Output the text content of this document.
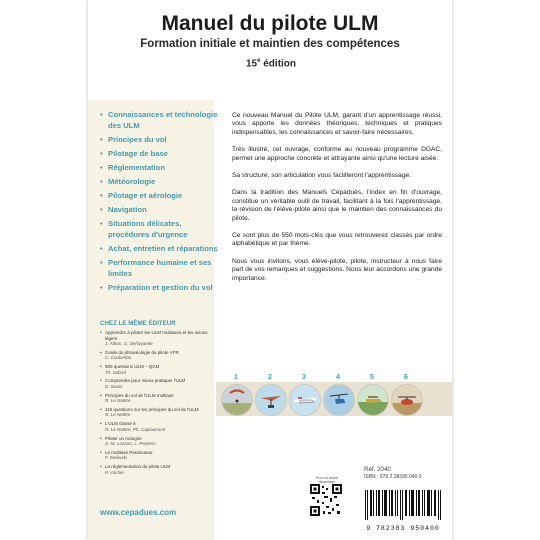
Manuel du pilote ULM
Formation initiale et maintien des compétences
15e édition
• Connaissances et technologie des ULM
• Principes du vol
• Pilotage de base
• Réglementation
• Météorologie
• Pilotage et aérologie
• Navigation
• Situations délicates, procédures d'urgence
• Achat, entretien et réparations
• Performance humaine et ses limites
• Préparation et gestion du vol
CHEZ LE MÊME ÉDITEUR
• Apprendre à piloter les ULM multiaxes et les avions légers
J. Athus, G. Dehayaette
• Guide du phraséologie du pilote VFR
C. Coulombe
• 500 questions ULM – QCM
Th. Gillard
• Comprendre pour mieux pratiquer l'ULM
D. Nouis
• Principes du vol de l'ULM multiaxe
R. Le Noëtre
• 115 questions sur les principes du vol de l'ULM
R. Le Noëtre
• L'ULM classe 6
R. Le Noëtre, Ph. Capiaumont
• Piloter un Autogire
S.-M. Lozano, L. Peyterin
• Le multiaxe Paramoteur
F. Serkuski
• La réglementation du pilote ULM
P. Vacher
www.cepadues.com

Ce nouveau Manuel du Pilote ULM, garant d'un apprentissage réussi, vous apporte les données théoriques, techniques et pratiques indispensables, les connaissances et savoir-faire nécessaires.

Très illustré, cet ouvrage, conforme au nouveau programme DGAC, permet une approche concrète et attrayante ainsi qu'une lecture aisée.

Sa structure, son articulation vous faciliteront l'apprentissage.

Dans la tradition des Manuels Cépaduès, l'index en fin d'ouvrage, constitue un véritable outil de travail, facilitant à la fois l'apprentissage, la révision de l'élève-pilote ainsi que le maintien des connaissances du pilote.

Ce sont plus de 550 mots-clés que vous retrouverez classés par ordre alphabétique et par thème.

Nous vous invitons, vous élève-pilote, pilote, instructeur à nous faire part de vos remarques et suggestions. Nous leur accordons une grande importance.

1	2	3	4	5	6
Pour en savoir davantage
Réf. 2040
ISBN : 978.2.38395.040.0
9 782383 950400
